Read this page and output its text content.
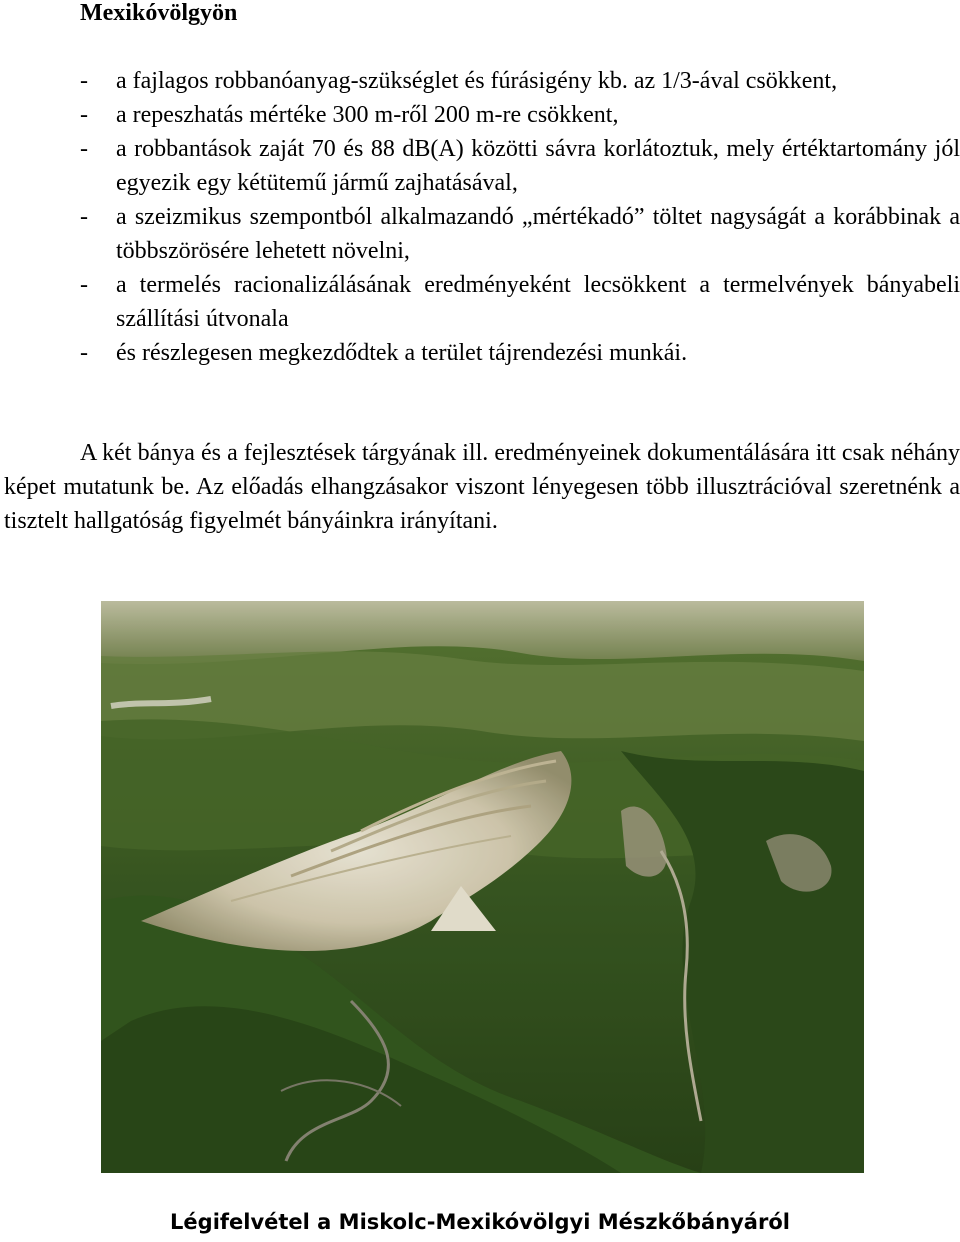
Mexikóvölgyön
- a fajlagos robbanóanyag-szükséglet és fúrásigény kb. az 1/3-ával csökkent,
- a repeszhatás mértéke 300 m-ről 200 m-re csökkent,
- a robbantások zaját 70 és 88 dB(A) közötti sávra korlátoztuk, mely értéktartomány jól egyezik egy kétütemű jármű zajhatásával,
- a szeizmikus szempontból alkalmazandó „mértékadó” töltet nagyságát a korábbinak a többszörösére lehetett növelni,
- a termelés racionalizálásának eredményeként lecsökkent a termelvények bányabeli szállítási útvonala
- és részlegesen megkezdődtek a terület tájrendezési munkái.

A két bánya és a fejlesztések tárgyának ill. eredményeinek dokumentálására itt csak néhány képet mutatunk be. Az előadás elhangzásakor viszont lényegesen több illusztrációval szeretnénk a tisztelt hallgatóság figyelmét bányáinkra irányítani.

Légifelvétel a Miskolc-Mexikóvölgyi Mészkőbányáról
